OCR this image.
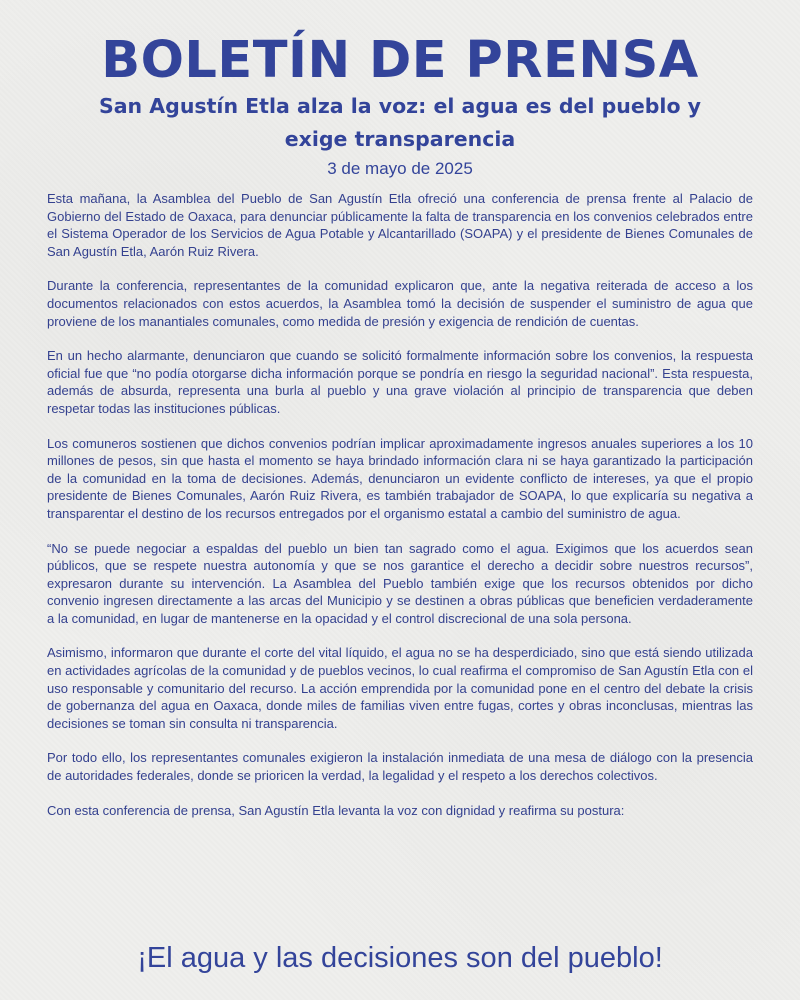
BOLETÍN DE PRENSA
San Agustín Etla alza la voz: el agua es del pueblo y exige transparencia
3 de mayo de 2025

Esta mañana, la Asamblea del Pueblo de San Agustín Etla ofreció una conferencia de prensa frente al Palacio de Gobierno del Estado de Oaxaca, para denunciar públicamente la falta de transparencia en los convenios celebrados entre el Sistema Operador de los Servicios de Agua Potable y Alcantarillado (SOAPA) y el presidente de Bienes Comunales de San Agustín Etla, Aarón Ruiz Rivera.

Durante la conferencia, representantes de la comunidad explicaron que, ante la negativa reiterada de acceso a los documentos relacionados con estos acuerdos, la Asamblea tomó la decisión de suspender el suministro de agua que proviene de los manantiales comunales, como medida de presión y exigencia de rendición de cuentas.

En un hecho alarmante, denunciaron que cuando se solicitó formalmente información sobre los convenios, la respuesta oficial fue que “no podía otorgarse dicha información porque se pondría en riesgo la seguridad nacional”. Esta respuesta, además de absurda, representa una burla al pueblo y una grave violación al principio de transparencia que deben respetar todas las instituciones públicas.

Los comuneros sostienen que dichos convenios podrían implicar aproximadamente ingresos anuales superiores a los 10 millones de pesos, sin que hasta el momento se haya brindado información clara ni se haya garantizado la participación de la comunidad en la toma de decisiones. Además, denunciaron un evidente conflicto de intereses, ya que el propio presidente de Bienes Comunales, Aarón Ruiz Rivera, es también trabajador de SOAPA, lo que explicaría su negativa a transparentar el destino de los recursos entregados por el organismo estatal a cambio del suministro de agua.

“No se puede negociar a espaldas del pueblo un bien tan sagrado como el agua. Exigimos que los acuerdos sean públicos, que se respete nuestra autonomía y que se nos garantice el derecho a decidir sobre nuestros recursos”, expresaron durante su intervención. La Asamblea del Pueblo también exige que los recursos obtenidos por dicho convenio ingresen directamente a las arcas del Municipio y se destinen a obras públicas que beneficien verdaderamente a la comunidad, en lugar de mantenerse en la opacidad y el control discrecional de una sola persona.

Asimismo, informaron que durante el corte del vital líquido, el agua no se ha desperdiciado, sino que está siendo utilizada en actividades agrícolas de la comunidad y de pueblos vecinos, lo cual reafirma el compromiso de San Agustín Etla con el uso responsable y comunitario del recurso. La acción emprendida por la comunidad pone en el centro del debate la crisis de gobernanza del agua en Oaxaca, donde miles de familias viven entre fugas, cortes y obras inconclusas, mientras las decisiones se toman sin consulta ni transparencia.

Por todo ello, los representantes comunales exigieron la instalación inmediata de una mesa de diálogo con la presencia de autoridades federales, donde se prioricen la verdad, la legalidad y el respeto a los derechos colectivos.

Con esta conferencia de prensa, San Agustín Etla levanta la voz con dignidad y reafirma su postura:

¡El agua y las decisiones son del pueblo!
